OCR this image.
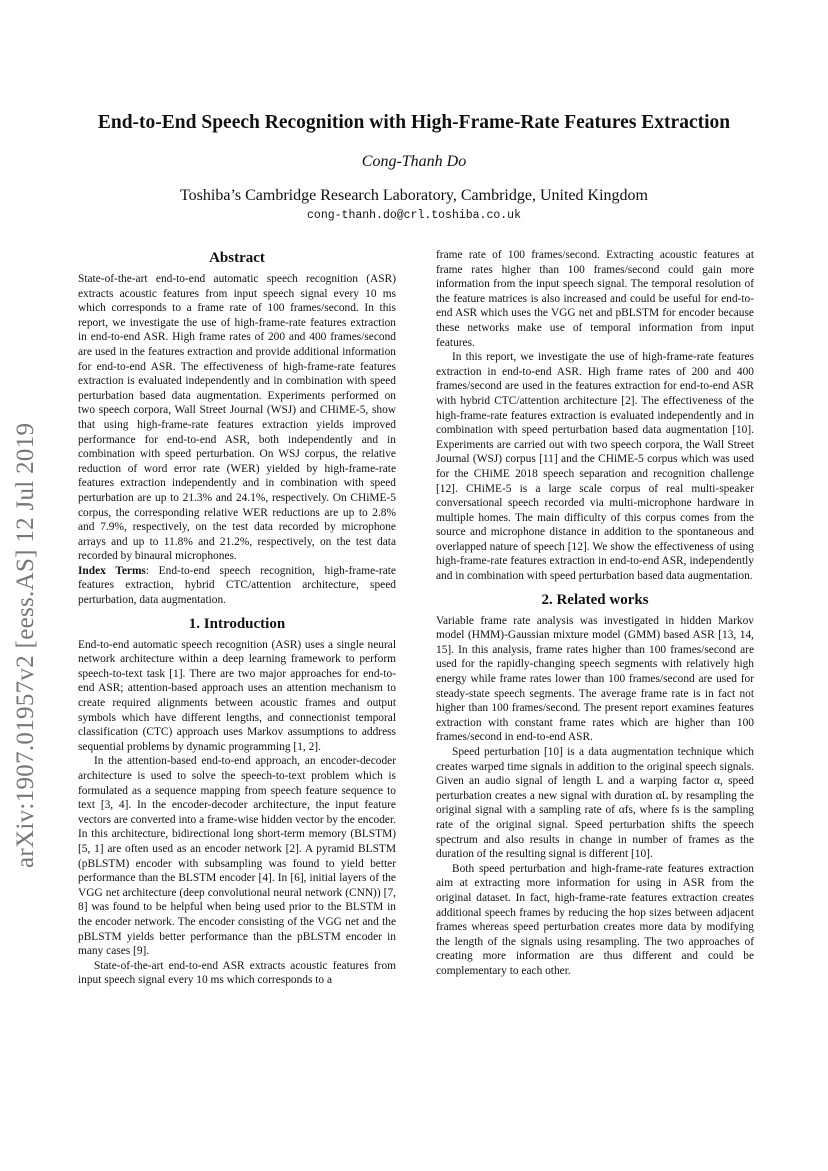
arXiv:1907.01957v2 [eess.AS] 12 Jul 2019
End-to-End Speech Recognition with High-Frame-Rate Features Extraction
Cong-Thanh Do
Toshiba’s Cambridge Research Laboratory, Cambridge, United Kingdom
cong-thanh.do@crl.toshiba.co.uk
Abstract

State-of-the-art end-to-end automatic speech recognition (ASR) extracts acoustic features from input speech signal every 10 ms which corresponds to a frame rate of 100 frames/second. In this report, we investigate the use of high-frame-rate features extraction in end-to-end ASR. High frame rates of 200 and 400 frames/second are used in the features extraction and provide additional information for end-to-end ASR. The effectiveness of high-frame-rate features extraction is evaluated independently and in combination with speed perturbation based data augmentation. Experiments performed on two speech corpora, Wall Street Journal (WSJ) and CHiME-5, show that using high-frame-rate features extraction yields improved performance for end-to-end ASR, both independently and in combination with speed perturbation. On WSJ corpus, the relative reduction of word error rate (WER) yielded by high-frame-rate features extraction independently and in combination with speed perturbation are up to 21.3% and 24.1%, respectively. On CHiME-5 corpus, the corresponding relative WER reductions are up to 2.8% and 7.9%, respectively, on the test data recorded by microphone arrays and up to 11.8% and 21.2%, respectively, on the test data recorded by binaural microphones.

Index Terms: End-to-end speech recognition, high-frame-rate features extraction, hybrid CTC/attention architecture, speed perturbation, data augmentation.

1. Introduction

End-to-end automatic speech recognition (ASR) uses a single neural network architecture within a deep learning framework to perform speech-to-text task [1]. There are two major approaches for end-to-end ASR; attention-based approach uses an attention mechanism to create required alignments between acoustic frames and output symbols which have different lengths, and connectionist temporal classification (CTC) approach uses Markov assumptions to address sequential problems by dynamic programming [1, 2].

In the attention-based end-to-end approach, an encoder-decoder architecture is used to solve the speech-to-text problem which is formulated as a sequence mapping from speech feature sequence to text [3, 4]. In the encoder-decoder architecture, the input feature vectors are converted into a frame-wise hidden vector by the encoder. In this architecture, bidirectional long short-term memory (BLSTM) [5, 1] are often used as an encoder network [2]. A pyramid BLSTM (pBLSTM) encoder with subsampling was found to yield better performance than the BLSTM encoder [4]. In [6], initial layers of the VGG net architecture (deep convolutional neural network (CNN)) [7, 8] was found to be helpful when being used prior to the BLSTM in the encoder network. The encoder consisting of the VGG net and the pBLSTM yields better performance than the pBLSTM encoder in many cases [9].

State-of-the-art end-to-end ASR extracts acoustic features from input speech signal every 10 ms which corresponds to a

frame rate of 100 frames/second. Extracting acoustic features at frame rates higher than 100 frames/second could gain more information from the input speech signal. The temporal resolution of the feature matrices is also increased and could be useful for end-to-end ASR which uses the VGG net and pBLSTM for encoder because these networks make use of temporal information from input features.

In this report, we investigate the use of high-frame-rate features extraction in end-to-end ASR. High frame rates of 200 and 400 frames/second are used in the features extraction for end-to-end ASR with hybrid CTC/attention architecture [2]. The effectiveness of the high-frame-rate features extraction is evaluated independently and in combination with speed perturbation based data augmentation [10]. Experiments are carried out with two speech corpora, the Wall Street Journal (WSJ) corpus [11] and the CHiME-5 corpus which was used for the CHiME 2018 speech separation and recognition challenge [12]. CHiME-5 is a large scale corpus of real multi-speaker conversational speech recorded via multi-microphone hardware in multiple homes. The main difficulty of this corpus comes from the source and microphone distance in addition to the spontaneous and overlapped nature of speech [12]. We show the effectiveness of using high-frame-rate features extraction in end-to-end ASR, independently and in combination with speed perturbation based data augmentation.

2. Related works

Variable frame rate analysis was investigated in hidden Markov model (HMM)-Gaussian mixture model (GMM) based ASR [13, 14, 15]. In this analysis, frame rates higher than 100 frames/second are used for the rapidly-changing speech segments with relatively high energy while frame rates lower than 100 frames/second are used for steady-state speech segments. The average frame rate is in fact not higher than 100 frames/second. The present report examines features extraction with constant frame rates which are higher than 100 frames/second in end-to-end ASR.

Speed perturbation [10] is a data augmentation technique which creates warped time signals in addition to the original speech signals. Given an audio signal of length L and a warping factor α, speed perturbation creates a new signal with duration αL by resampling the original signal with a sampling rate of αfs, where fs is the sampling rate of the original signal. Speed perturbation shifts the speech spectrum and also results in change in number of frames as the duration of the resulting signal is different [10].

Both speed perturbation and high-frame-rate features extraction aim at extracting more information for using in ASR from the original dataset. In fact, high-frame-rate features extraction creates additional speech frames by reducing the hop sizes between adjacent frames whereas speed perturbation creates more data by modifying the length of the signals using resampling. The two approaches of creating more information are thus different and could be complementary to each other.
